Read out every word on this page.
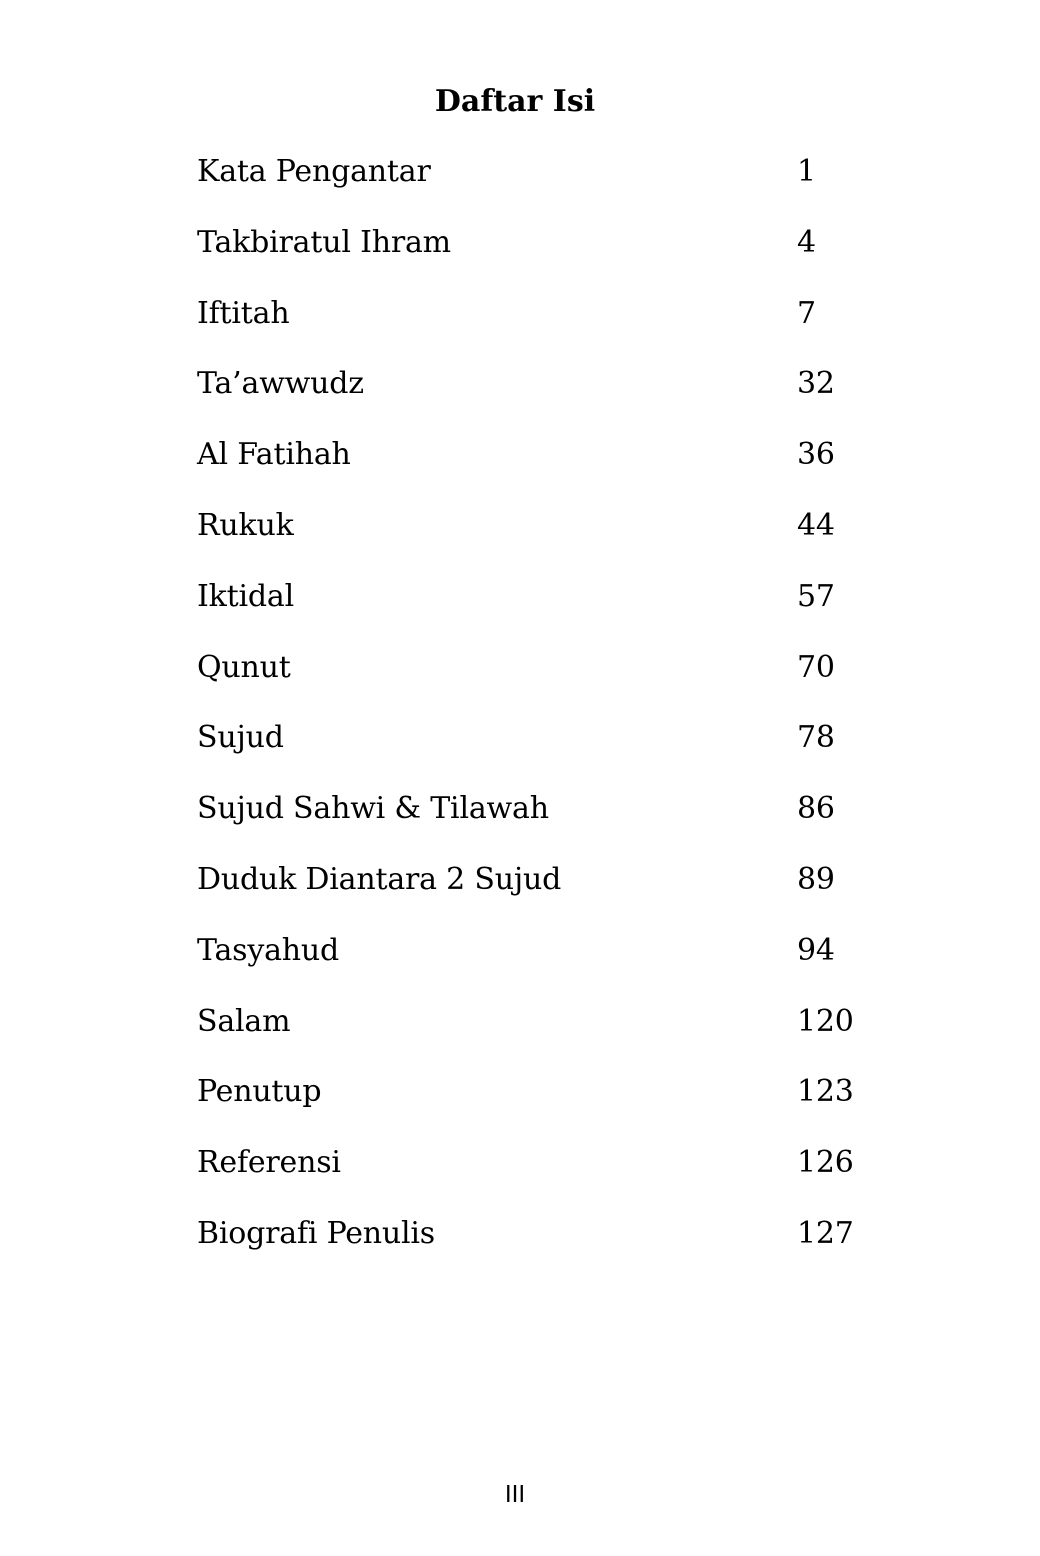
Daftar Isi
Kata Pengantar	1
Takbiratul Ihram	4
Iftitah	7
Ta’awwudz	32
Al Fatihah	36
Rukuk	44
Iktidal	57
Qunut	70
Sujud	78
Sujud Sahwi & Tilawah	86
Duduk Diantara 2 Sujud	89
Tasyahud	94
Salam	120
Penutup	123
Referensi	126
Biografi Penulis	127
III
